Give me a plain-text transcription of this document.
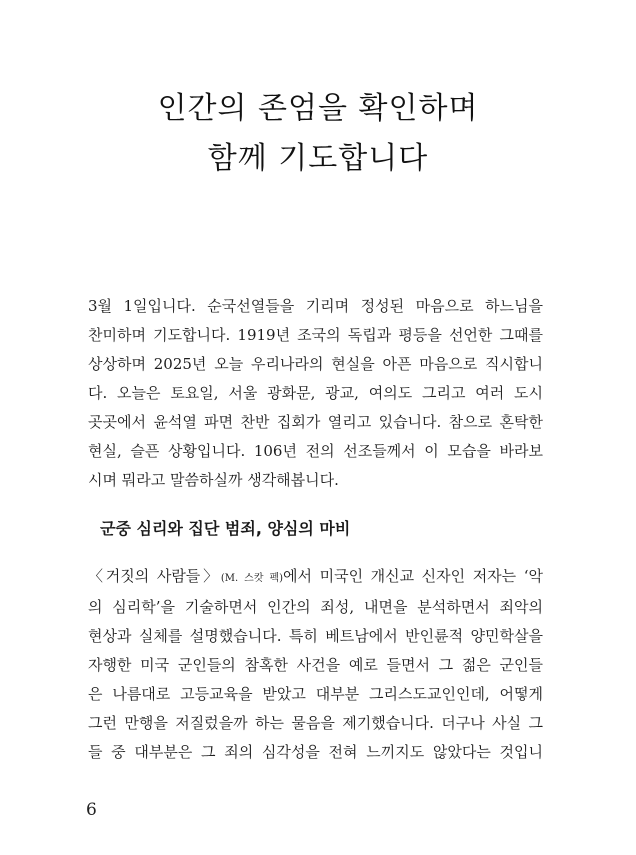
인간의 존엄을 확인하며
함께 기도합니다
3월 1일입니다. 순국선열들을 기리며 정성된 마음으로 하느님을
찬미하며 기도합니다. 1919년 조국의 독립과 평등을 선언한 그때를
상상하며 2025년 오늘 우리나라의 현실을 아픈 마음으로 직시합니
다. 오늘은 토요일, 서울 광화문, 광교, 여의도 그리고 여러 도시
곳곳에서 윤석열 파면 찬반 집회가 열리고 있습니다. 참으로 혼탁한
현실, 슬픈 상황입니다. 106년 전의 선조들께서 이 모습을 바라보
시며 뭐라고 말씀하실까 생각해봅니다.
군중 심리와 집단 범죄, 양심의 마비
〈거짓의 사람들〉(M. 스캇 펙)에서 미국인 개신교 신자인 저자는 ‘악
의 심리학’을 기술하면서 인간의 죄성, 내면을 분석하면서 죄악의
현상과 실체를 설명했습니다. 특히 베트남에서 반인륜적 양민학살을
자행한 미국 군인들의 참혹한 사건을 예로 들면서 그 젊은 군인들
은 나름대로 고등교육을 받았고 대부분 그리스도교인인데, 어떻게
그런 만행을 저질렀을까 하는 물음을 제기했습니다. 더구나 사실 그
들 중 대부분은 그 죄의 심각성을 전혀 느끼지도 않았다는 것입니
6
